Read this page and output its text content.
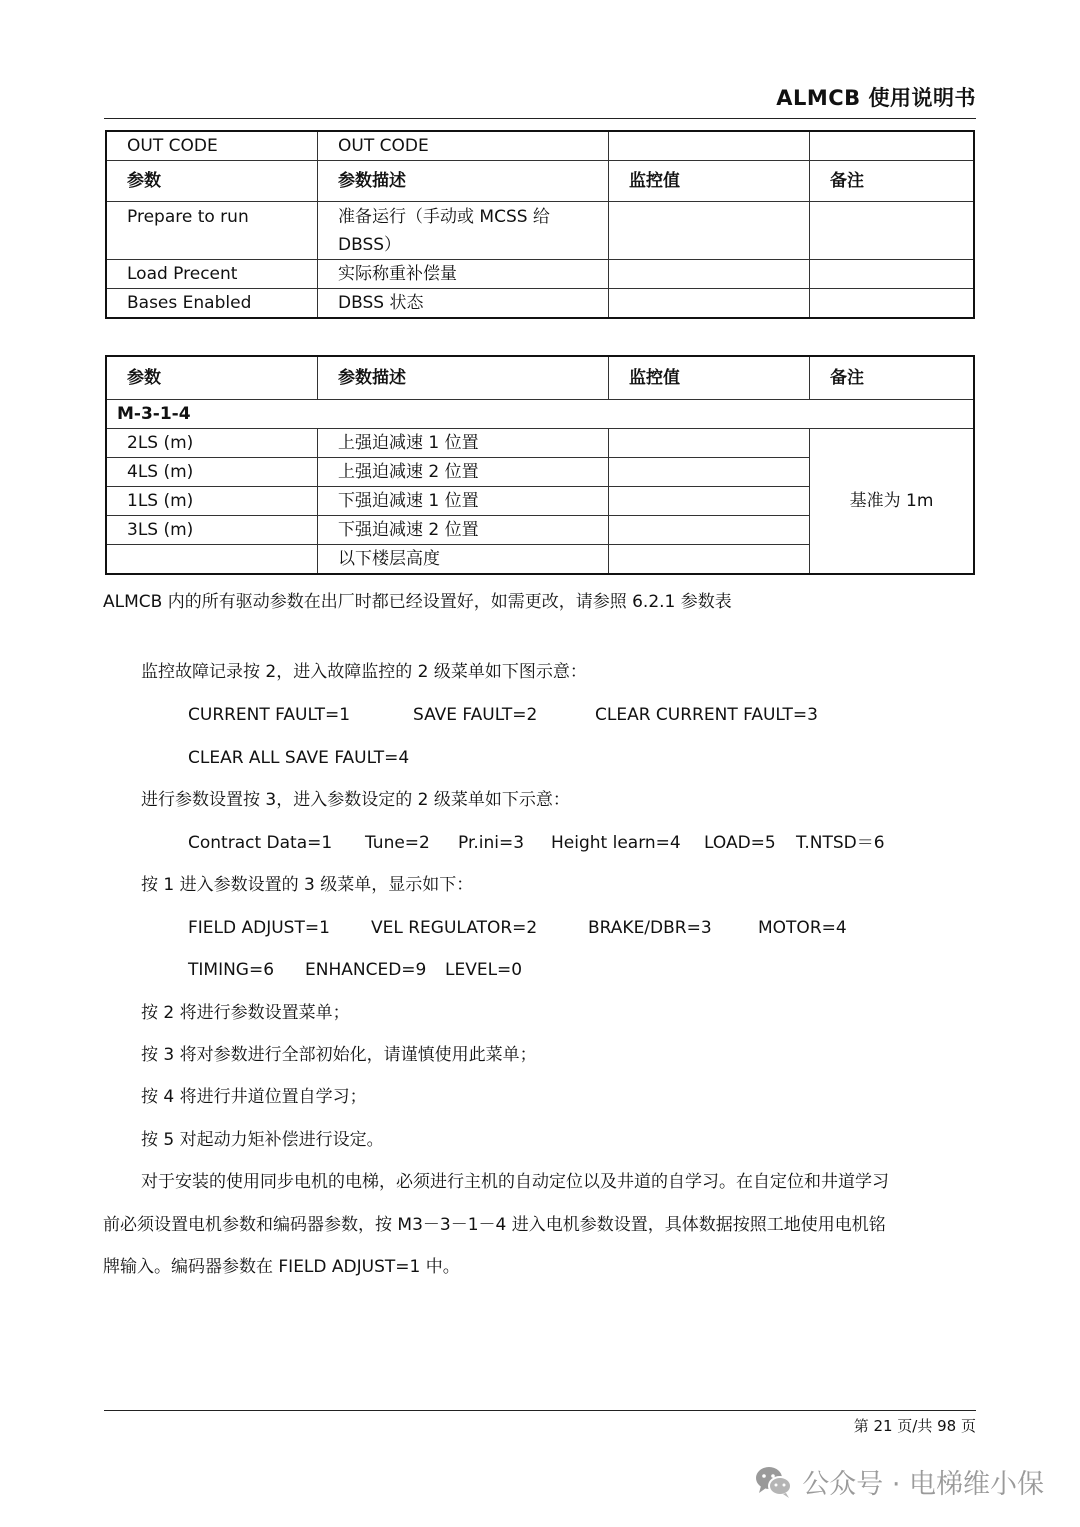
ALMCB 使用说明书
OUT CODE	OUT CODE		
参数	参数描述	监控值	备注
Prepare to run	准备运行（手动或 MCSS 给 DBSS）		
Load Precent	实际称重补偿量		
Bases Enabled	DBSS 状态		
参数	参数描述	监控值	备注
M-3-1-4			
2LS (m)	上强迫减速 1 位置		基准为 1m
4LS (m)	上强迫减速 2 位置		
1LS (m)	下强迫减速 1 位置		
3LS (m)	下强迫减速 2 位置		
	以下楼层高度		
ALMCB 内的所有驱动参数在出厂时都已经设置好，如需更改，请参照 6.2.1 参数表
监控故障记录按 2，进入故障监控的 2 级菜单如下图示意：
CURRENT FAULT=1	SAVE FAULT=2	CLEAR CURRENT FAULT=3
CLEAR ALL SAVE FAULT=4
进行参数设置按 3，进入参数设定的 2 级菜单如下示意：
Contract Data=1 Tune=2 Pr.ini=3 Height learn=4 LOAD=5 T.NTSD＝6
按 1 进入参数设置的 3 级菜单，显示如下：
FIELD ADJUST=1 VEL REGULATOR=2	BRAKE/DBR=3	MOTOR=4
TIMING=6 ENHANCED=9 LEVEL=0
按 2 将进行参数设置菜单；
按 3 将对参数进行全部初始化，请谨慎使用此菜单；
按 4 将进行井道位置自学习；
按 5 对起动力矩补偿进行设定。
对于安装的使用同步电机的电梯，必须进行主机的自动定位以及井道的自学习。在自定位和井道学习
前必须设置电机参数和编码器参数，按 M3－3－1－4 进入电机参数设置，具体数据按照工地使用电机铭
牌输入。编码器参数在 FIELD ADJUST=1 中。
第 21 页/共 98 页
公众号 · 电梯维小保
